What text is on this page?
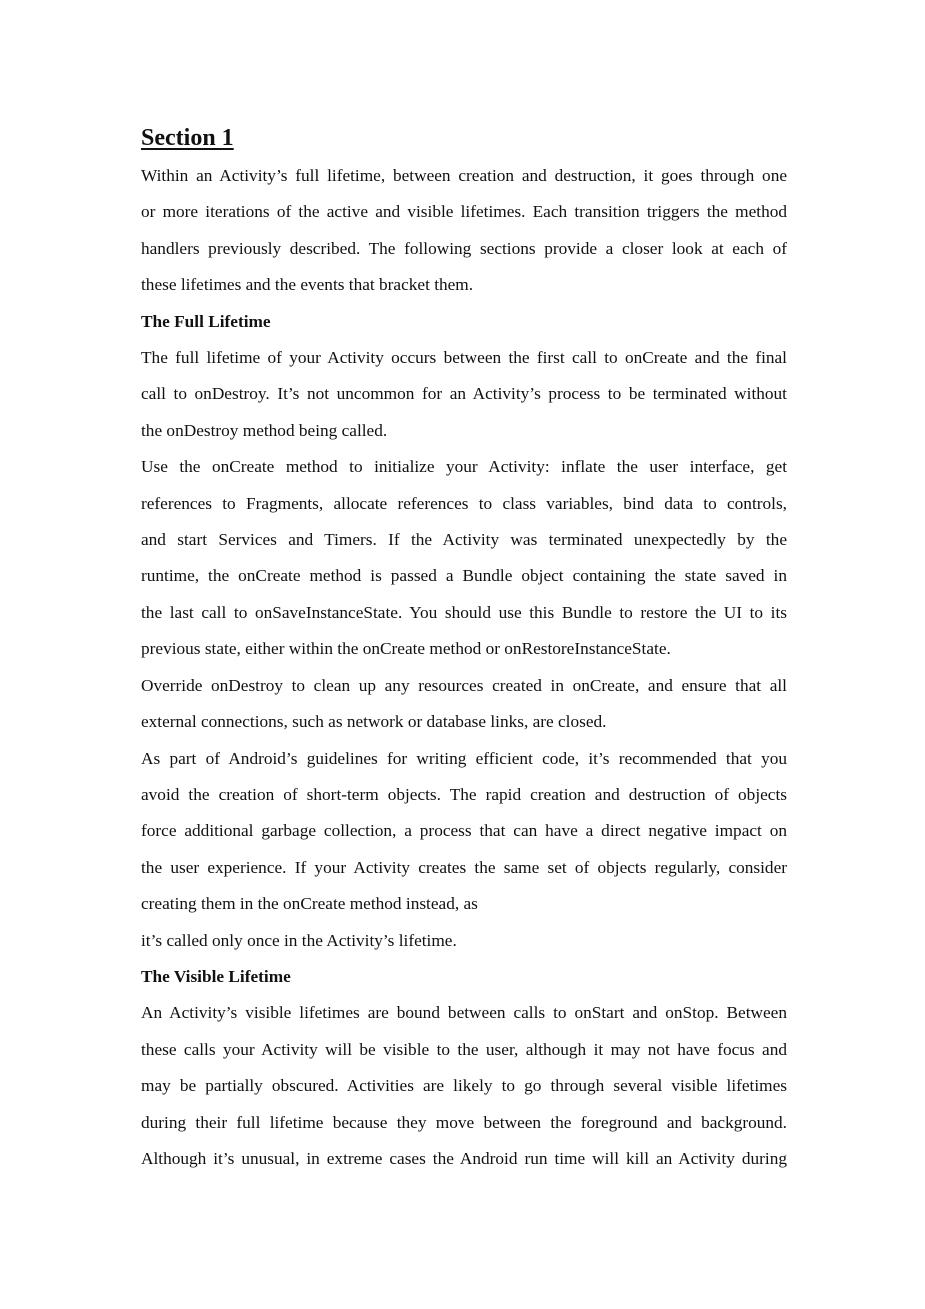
Section 1

Within an Activity’s full lifetime, between creation and destruction, it goes through one
or more iterations of the active and visible lifetimes. Each transition triggers the method
handlers previously described. The following sections provide a closer look at each of
these lifetimes and the events that bracket them.

The Full Lifetime

The full lifetime of your Activity occurs between the first call to onCreate and the final
call to onDestroy. It’s not uncommon for an Activity’s process to be terminated without
the onDestroy method being called.

Use the onCreate method to initialize your Activity: inflate the user interface, get
references to Fragments, allocate references to class variables, bind data to controls,
and start Services and Timers. If the Activity was terminated unexpectedly by the
runtime, the onCreate method is passed a Bundle object containing the state saved in
the last call to onSaveInstanceState. You should use this Bundle to restore the UI to its
previous state, either within the onCreate method or onRestoreInstanceState.

Override onDestroy to clean up any resources created in onCreate, and ensure that all
external connections, such as network or database links, are closed.

As part of Android’s guidelines for writing efficient code, it’s recommended that you
avoid the creation of short-term objects. The rapid creation and destruction of objects
force additional garbage collection, a process that can have a direct negative impact on
the user experience. If your Activity creates the same set of objects regularly, consider
creating them in the onCreate method instead, as

it’s called only once in the Activity’s lifetime.

The Visible Lifetime

An Activity’s visible lifetimes are bound between calls to onStart and onStop. Between
these calls your Activity will be visible to the user, although it may not have focus and
may be partially obscured. Activities are likely to go through several visible lifetimes
during their full lifetime because they move between the foreground and background.
Although it’s unusual, in extreme cases the Android run time will kill an Activity during
